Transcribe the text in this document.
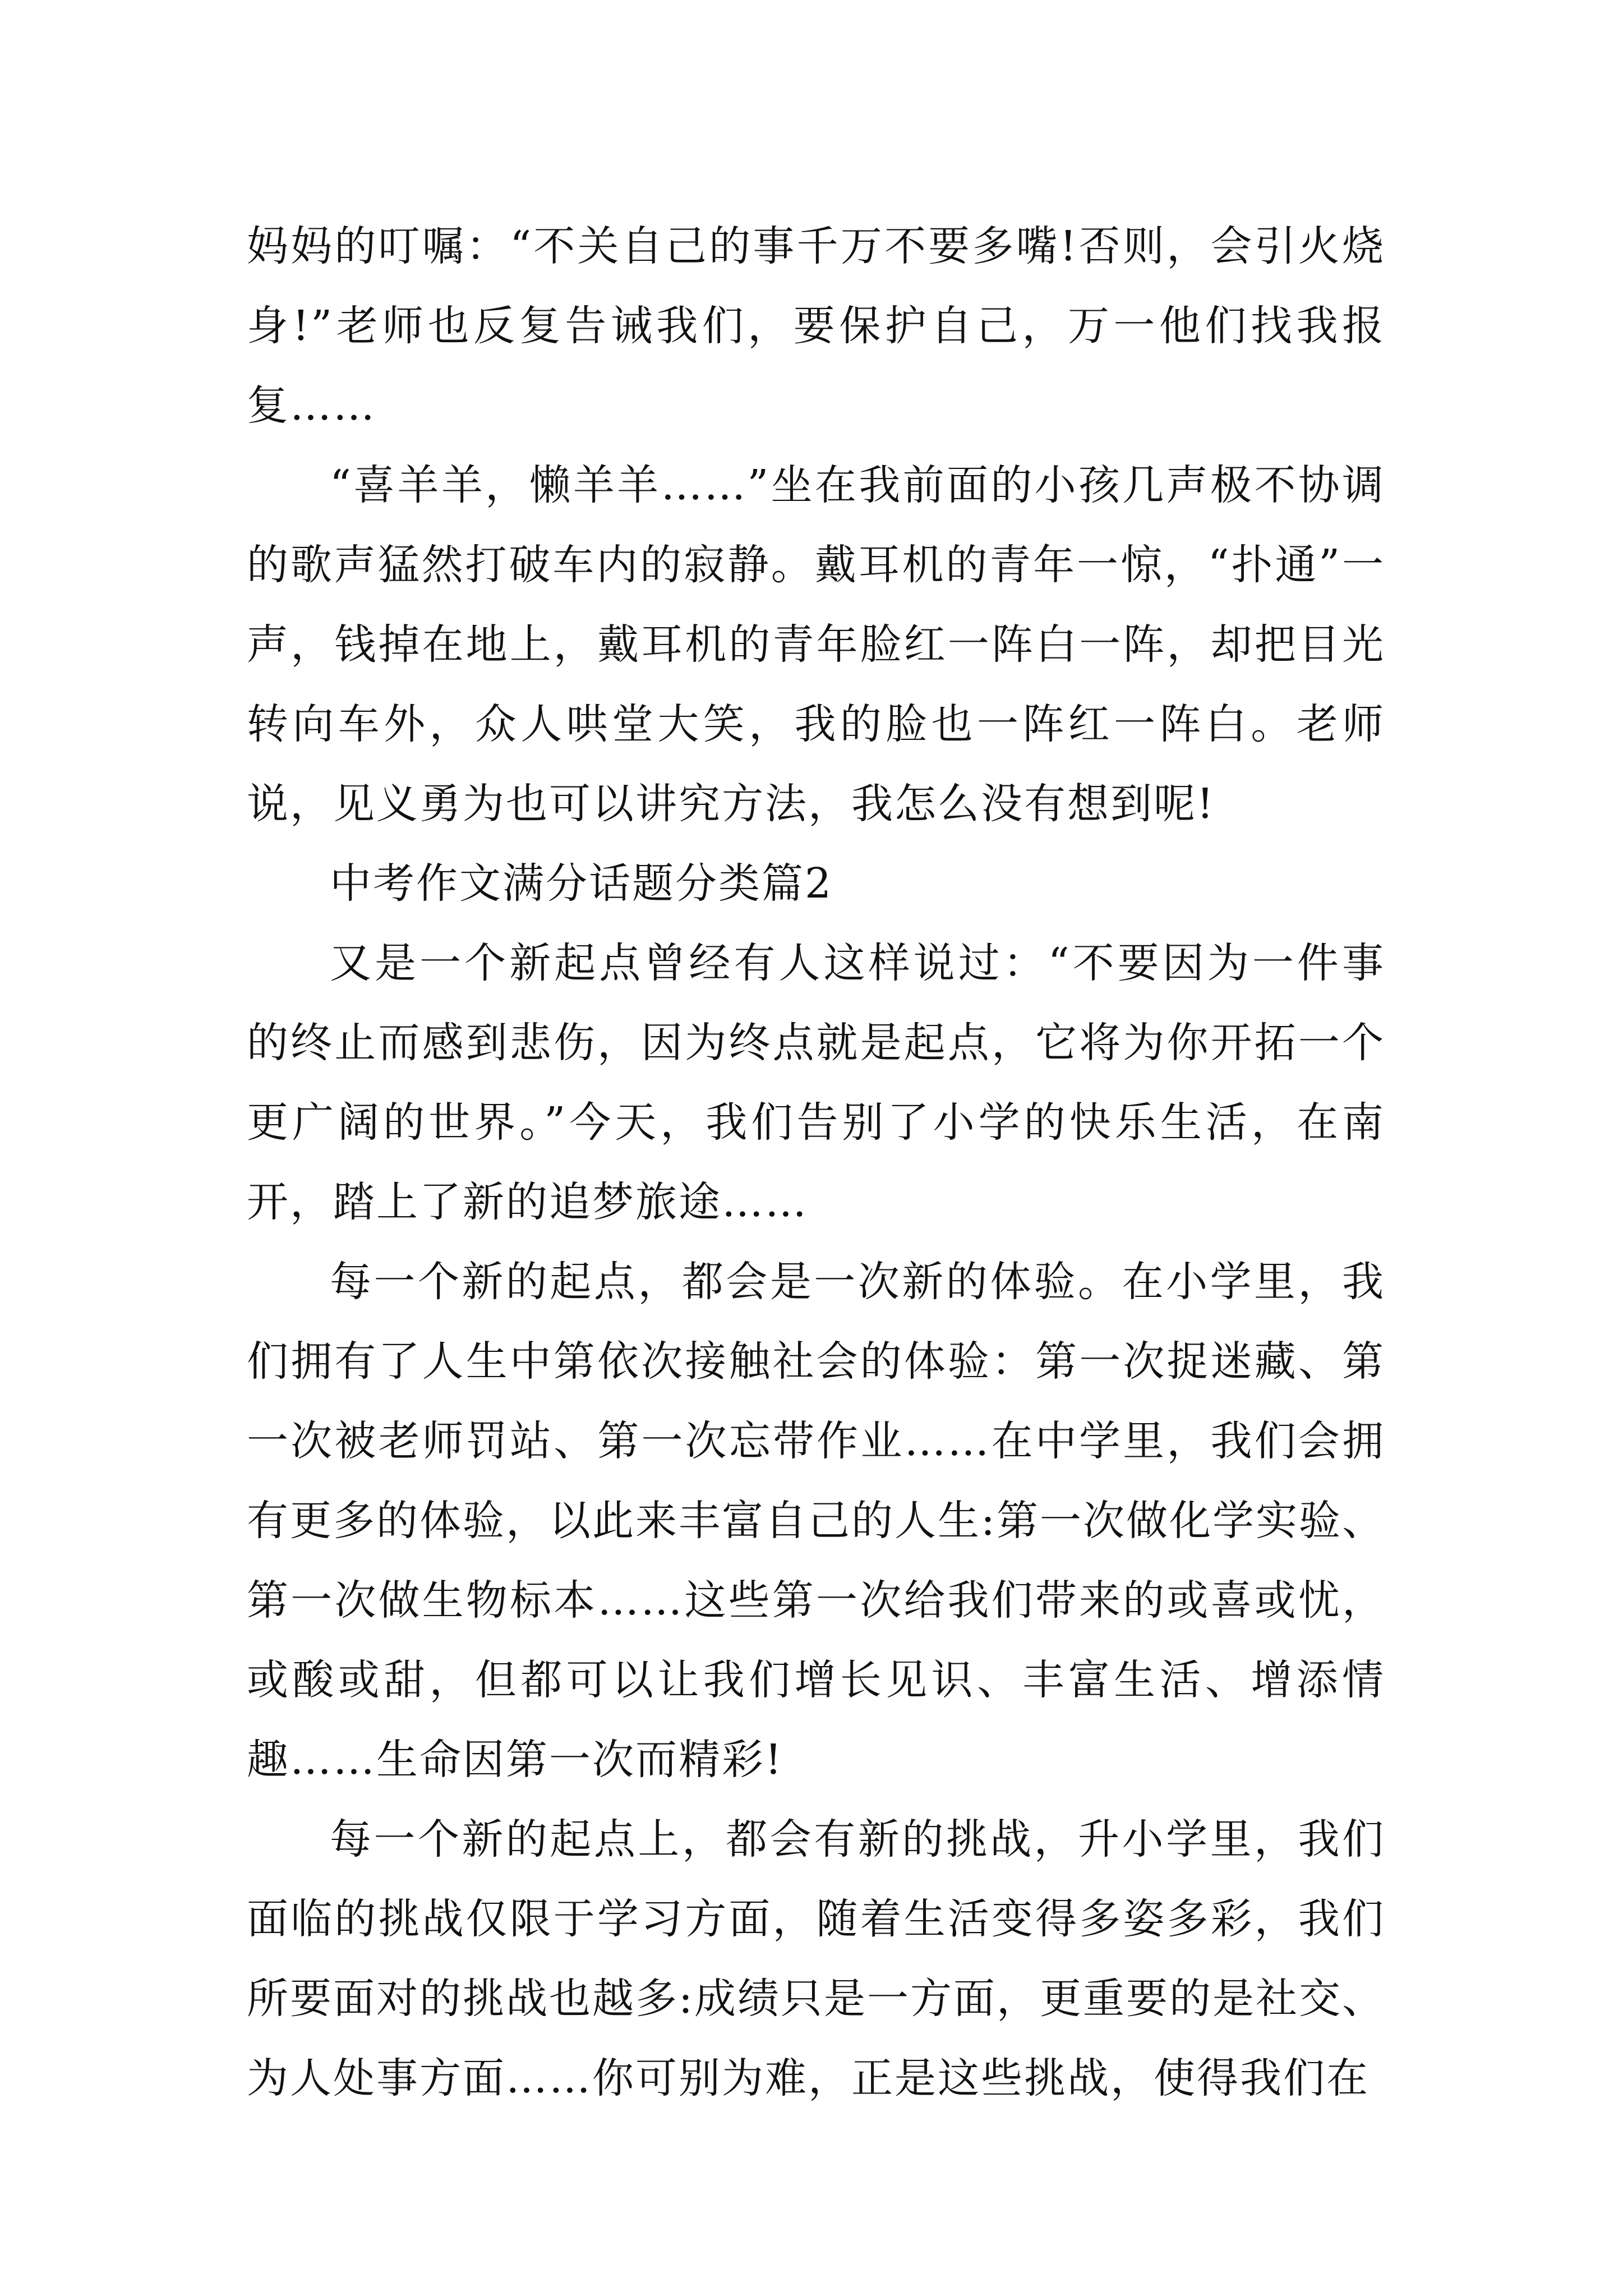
妈妈的叮嘱：“不关自己的事千万不要多嘴!否则，会引火烧身!”老师也反复告诫我们，要保护自己，万一他们找我报复……

“喜羊羊，懒羊羊……”坐在我前面的小孩几声极不协调的歌声猛然打破车内的寂静。戴耳机的青年一惊，“扑通”一声，钱掉在地上，戴耳机的青年脸红一阵白一阵，却把目光转向车外，众人哄堂大笑，我的脸也一阵红一阵白。老师说，见义勇为也可以讲究方法，我怎么没有想到呢!

中考作文满分话题分类篇2

又是一个新起点曾经有人这样说过：“不要因为一件事的终止而感到悲伤，因为终点就是起点，它将为你开拓一个更广阔的世界。”今天，我们告别了小学的快乐生活，在南开，踏上了新的追梦旅途……

每一个新的起点，都会是一次新的体验。在小学里，我们拥有了人生中第依次接触社会的体验：第一次捉迷藏、第一次被老师罚站、第一次忘带作业……在中学里，我们会拥有更多的体验，以此来丰富自己的人生:第一次做化学实验、第一次做生物标本……这些第一次给我们带来的或喜或忧，或酸或甜，但都可以让我们增长见识、丰富生活、增添情趣……生命因第一次而精彩!

每一个新的起点上，都会有新的挑战，升小学里，我们面临的挑战仅限于学习方面，随着生活变得多姿多彩，我们所要面对的挑战也越多:成绩只是一方面，更重要的是社交、为人处事方面……你可别为难，正是这些挑战，使得我们在
